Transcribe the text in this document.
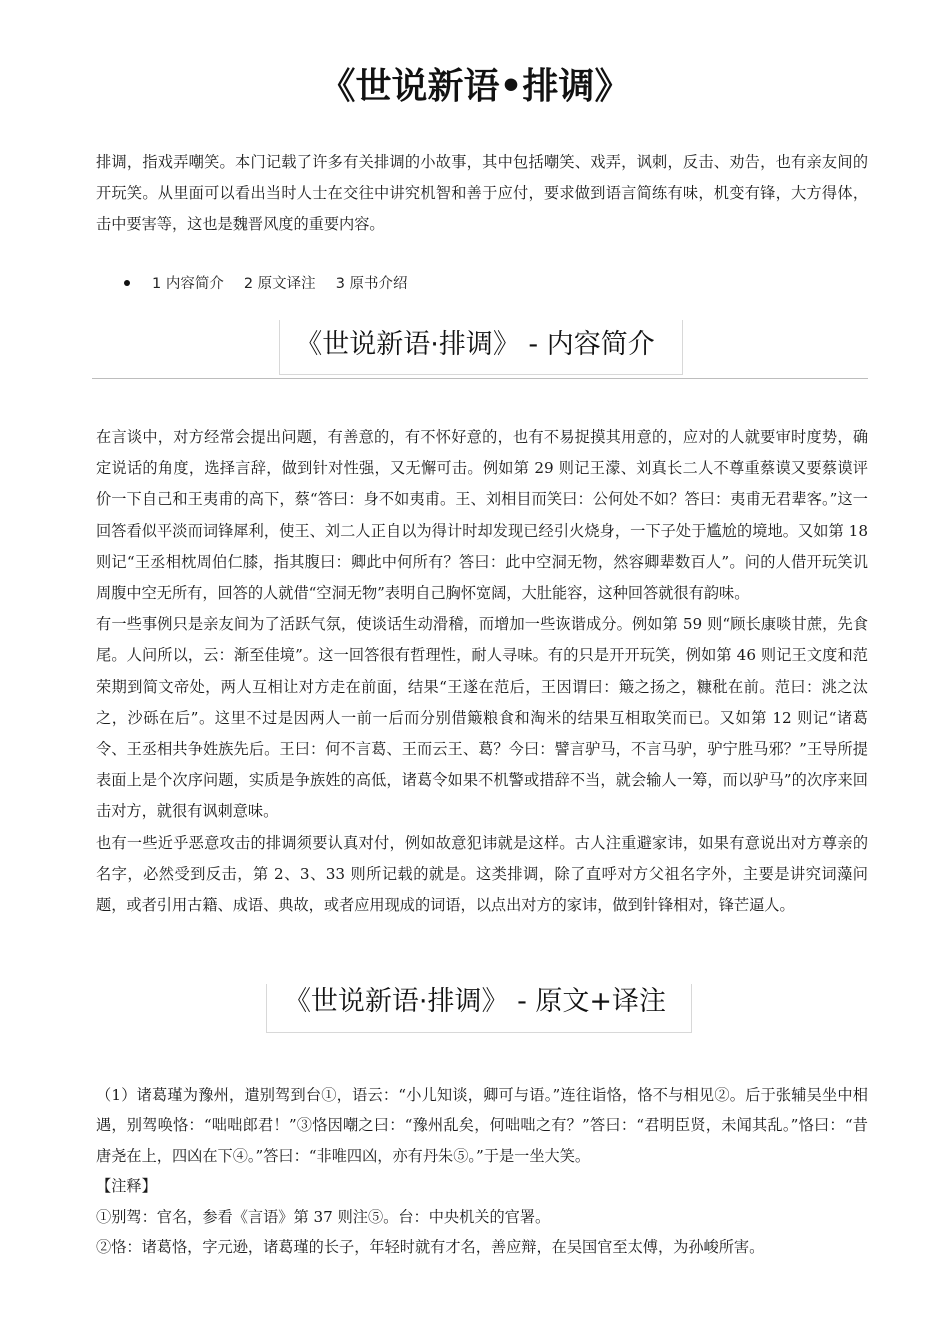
《世说新语•排调》

排调，指戏弄嘲笑。本门记载了许多有关排调的小故事，其中包括嘲笑、戏弄，讽刺，反击、劝告，也有亲友间的开玩笑。从里面可以看出当时人士在交往中讲究机智和善于应付，要求做到语言简练有味，机变有锋，大方得体，击中要害等，这也是魏晋风度的重要内容。

1 内容简介 2 原文译注 3 原书介绍
《世说新语·排调》 - 内容简介
在言谈中，对方经常会提出问题，有善意的，有不怀好意的，也有不易捉摸其用意的，应对的人就要审时度势，确定说话的角度，选择言辞，做到针对性强，又无懈可击。例如第 29 则记王濛、刘真长二人不尊重蔡谟又要蔡谟评价一下自己和王夷甫的高下，蔡“答曰：身不如夷甫。王、刘相目而笑曰：公何处不如？答曰：夷甫无君辈客。”这一回答看似平淡而词锋犀利，使王、刘二人正自以为得计时却发现已经引火烧身，一下子处于尴尬的境地。又如第 18 则记“王丞相枕周伯仁膝，指其腹曰：卿此中何所有？答曰：此中空洞无物，然容卿辈数百人”。问的人借开玩笑讥周腹中空无所有，回答的人就借“空洞无物”表明自己胸怀宽阔，大肚能容，这种回答就很有韵味。
有一些事例只是亲友间为了活跃气氛，使谈话生动滑稽，而增加一些诙谐成分。例如第 59 则“顾长康啖甘蔗，先食尾。人问所以，云：渐至佳境”。这一回答很有哲理性，耐人寻味。有的只是开开玩笑，例如第 46 则记王文度和范荣期到简文帝处，两人互相让对方走在前面，结果“王遂在范后，王因谓曰：簸之扬之，糠秕在前。范曰：洮之汰之，沙砾在后”。这里不过是因两人一前一后而分别借簸粮食和淘米的结果互相取笑而已。又如第 12 则记“诸葛令、王丞相共争姓族先后。王曰：何不言葛、王而云王、葛？今曰：譬言驴马，不言马驴，驴宁胜马邪？”王导所提表面上是个次序问题，实质是争族姓的高低，诸葛令如果不机警或措辞不当，就会输人一筹，而以驴马”的次序来回击对方，就很有讽刺意味。
也有一些近乎恶意攻击的排调须要认真对付，例如故意犯讳就是这样。古人注重避家讳，如果有意说出对方尊亲的名字，必然受到反击，第 2、3、33 则所记载的就是。这类排调，除了直呼对方父祖名字外，主要是讲究词藻问题，或者引用古籍、成语、典故，或者应用现成的词语，以点出对方的家讳，做到针锋相对，锋芒逼人。
《世说新语·排调》 - 原文+译注
（1）诸葛瑾为豫州，遣别驾到台①，语云：“小儿知谈，卿可与语。”连往诣恪，恪不与相见②。后于张辅吴坐中相遇，别驾唤恪：“咄咄郎君！”③恪因嘲之曰：“豫州乱矣，何咄咄之有？”答曰：“君明臣贤，未闻其乱。”恪曰：“昔唐尧在上，四凶在下④。”答曰：“非唯四凶，亦有丹朱⑤。”于是一坐大笑。
【注释】
①别驾：官名，参看《言语》第 37 则注⑤。台：中央机关的官署。
②恪：诸葛恪，字元逊，诸葛瑾的长子，年轻时就有才名，善应辩，在吴国官至太傅，为孙峻所害。
